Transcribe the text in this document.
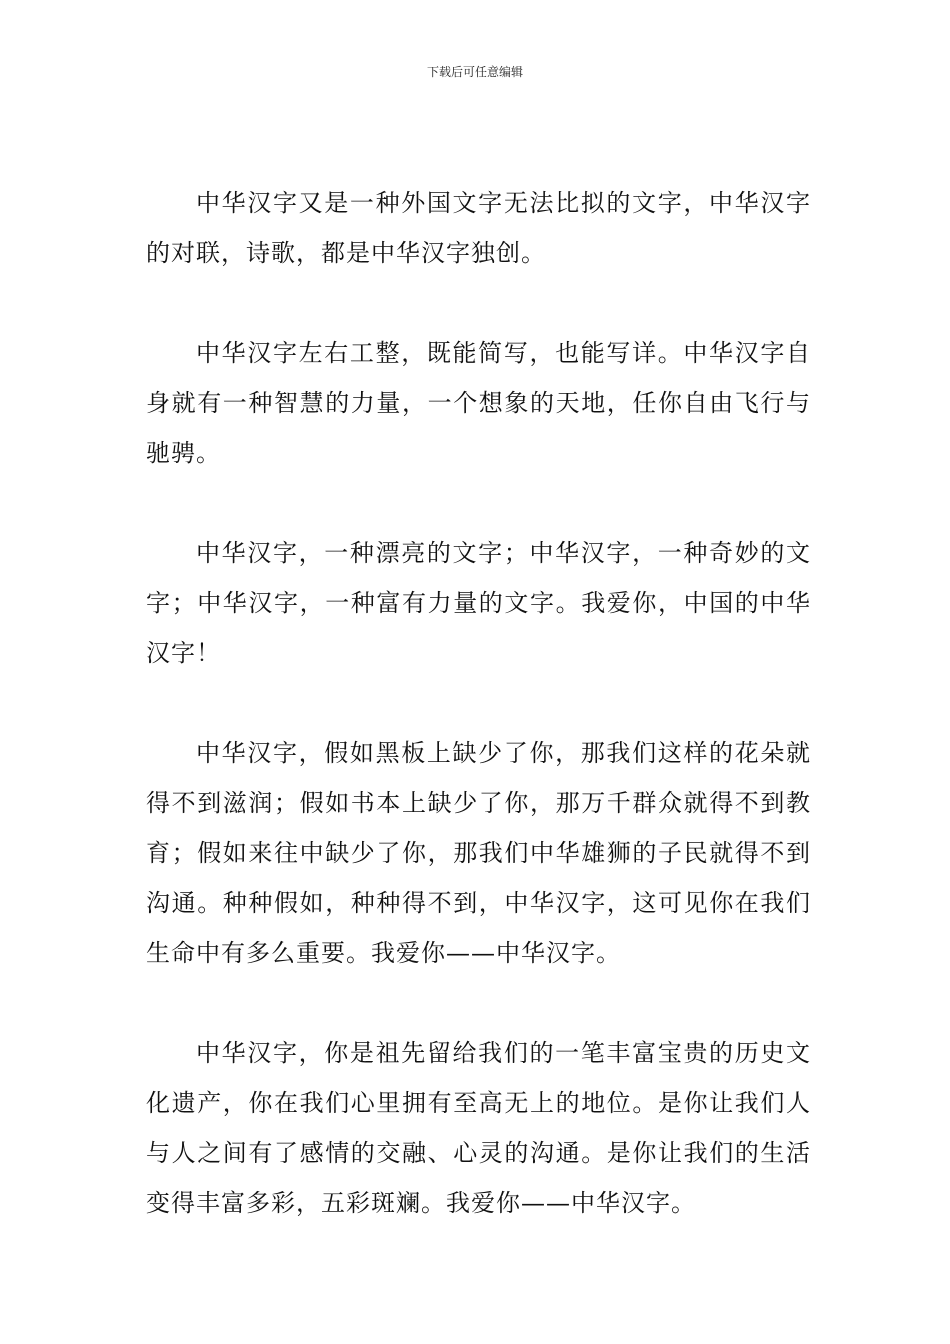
下载后可任意编辑

中华汉字又是一种外国文字无法比拟的文字，中华汉字的对联，诗歌，都是中华汉字独创。

中华汉字左右工整，既能简写，也能写详。中华汉字自身就有一种智慧的力量，一个想象的天地，任你自由飞行与驰骋。

中华汉字，一种漂亮的文字；中华汉字，一种奇妙的文字；中华汉字，一种富有力量的文字。我爱你，中国的中华汉字！

中华汉字，假如黑板上缺少了你，那我们这样的花朵就得不到滋润；假如书本上缺少了你，那万千群众就得不到教育；假如来往中缺少了你，那我们中华雄狮的子民就得不到沟通。种种假如，种种得不到，中华汉字，这可见你在我们生命中有多么重要。我爱你——中华汉字。

中华汉字，你是祖先留给我们的一笔丰富宝贵的历史文化遗产，你在我们心里拥有至高无上的地位。是你让我们人与人之间有了感情的交融、心灵的沟通。是你让我们的生活变得丰富多彩，五彩斑斓。我爱你——中华汉字。
